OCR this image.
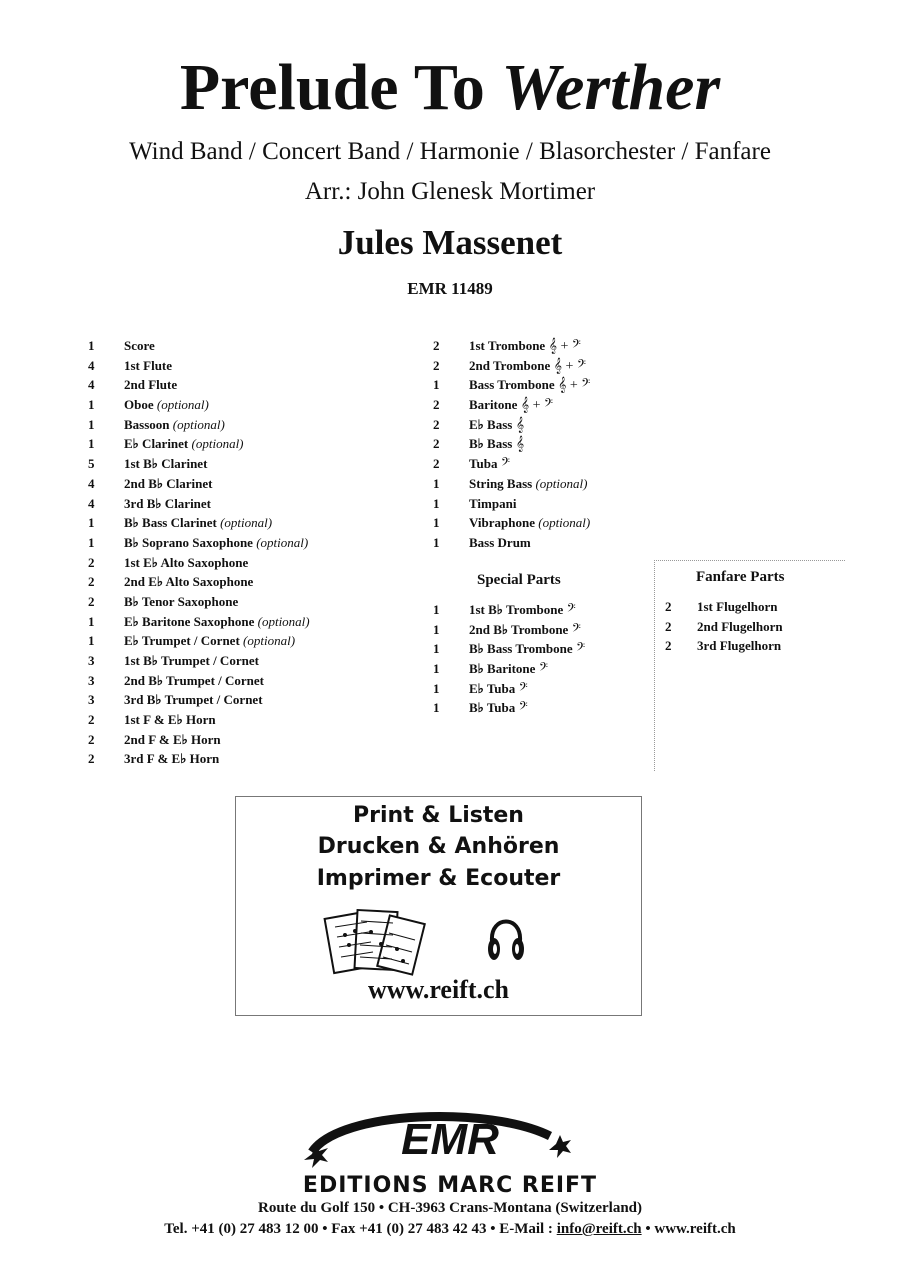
Prelude To Werther
Wind Band / Concert Band / Harmonie / Blasorchester / Fanfare
Arr.: John Glenesk Mortimer
Jules Massenet
EMR 11489
1 Score
4 1st Flute
4 2nd Flute
1 Oboe (optional)
1 Bassoon (optional)
1 E♭ Clarinet (optional)
5 1st B♭ Clarinet
4 2nd B♭ Clarinet
4 3rd B♭ Clarinet
1 B♭ Bass Clarinet (optional)
1 B♭ Soprano Saxophone (optional)
2 1st E♭ Alto Saxophone
2 2nd E♭ Alto Saxophone
2 B♭ Tenor Saxophone
1 E♭ Baritone Saxophone (optional)
1 E♭ Trumpet / Cornet (optional)
3 1st B♭ Trumpet / Cornet
3 2nd B♭ Trumpet / Cornet
3 3rd B♭ Trumpet / Cornet
2 1st F & E♭ Horn
2 2nd F & E♭ Horn
2 3rd F & E♭ Horn
2 1st Trombone 𝄞 + 𝄢
2 2nd Trombone 𝄞 + 𝄢
1 Bass Trombone 𝄞 + 𝄢
2 Baritone 𝄞 + 𝄢
2 E♭ Bass 𝄞
2 B♭ Bass 𝄞
2 Tuba 𝄢
1 String Bass (optional)
1 Timpani
1 Vibraphone (optional)
1 Bass Drum
Special Parts
1 1st B♭ Trombone 𝄢
1 2nd B♭ Trombone 𝄢
1 B♭ Bass Trombone 𝄢
1 B♭ Baritone 𝄢
1 E♭ Tuba 𝄢
1 B♭ Tuba 𝄢
Fanfare Parts
2 1st Flugelhorn
2 2nd Flugelhorn
2 3rd Flugelhorn
Print & Listen
Drucken & Anhören
Imprimer & Ecouter
www.reift.ch
EMR
EDITIONS MARC REIFT
Route du Golf 150 • CH-3963 Crans-Montana (Switzerland)
Tel. +41 (0) 27 483 12 00 • Fax +41 (0) 27 483 42 43 • E-Mail : info@reift.ch • www.reift.ch
